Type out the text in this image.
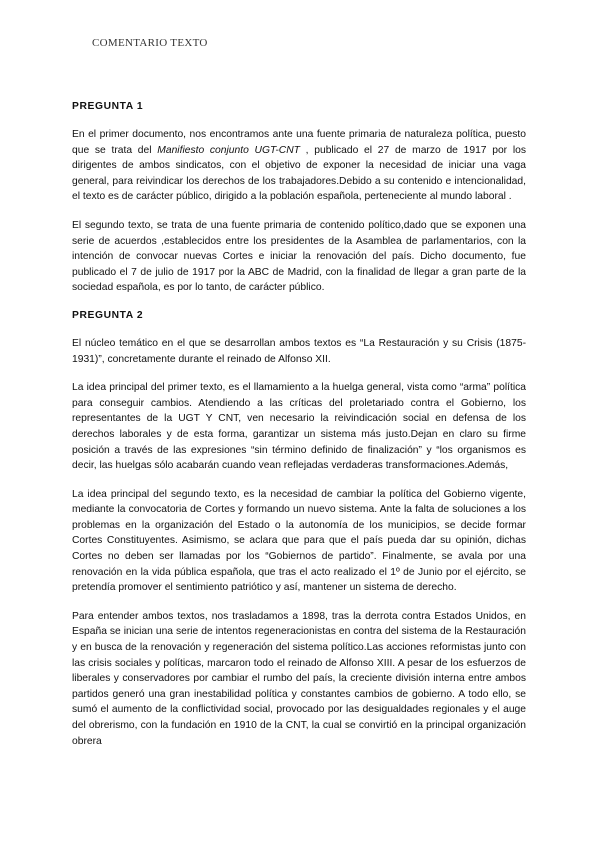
COMENTARIO TEXTO
PREGUNTA 1

En el primer documento, nos encontramos ante una fuente primaria de naturaleza política, puesto que se trata del Manifiesto conjunto UGT-CNT , publicado el 27 de marzo de 1917 por los dirigentes de ambos sindicatos, con el objetivo de exponer la necesidad de iniciar una vaga general, para reivindicar los derechos de los trabajadores.Debido a su contenido e intencionalidad, el texto es de carácter público, dirigido a la población española, perteneciente al mundo laboral .

El segundo texto, se trata de una fuente primaria de contenido político,dado que se exponen una serie de acuerdos ,establecidos entre los presidentes de la Asamblea de parlamentarios, con la intención de convocar nuevas Cortes e iniciar la renovación del país. Dicho documento, fue publicado el 7 de julio de 1917 por la ABC de Madrid, con la finalidad de llegar a gran parte de la sociedad española, es por lo tanto, de carácter público.

PREGUNTA 2

El núcleo temático en el que se desarrollan ambos textos es “La Restauración y su Crisis (1875-1931)”, concretamente durante el reinado de Alfonso XII.

La idea principal del primer texto, es el llamamiento a la huelga general, vista como “arma” política para conseguir cambios. Atendiendo a las críticas del proletariado contra el Gobierno, los representantes de la UGT Y CNT, ven necesario la reivindicación social en defensa de los derechos laborales y de esta forma, garantizar un sistema más justo.Dejan en claro su firme posición a través de las expresiones “sin término definido de finalización” y “los organismos es decir, las huelgas sólo acabarán cuando vean reflejadas verdaderas transformaciones.Además,

La idea principal del segundo texto, es la necesidad de cambiar la política del Gobierno vigente, mediante la convocatoria de Cortes y formando un nuevo sistema. Ante la falta de soluciones a los problemas en la organización del Estado o la autonomía de los municipios, se decide formar Cortes Constituyentes. Asimismo, se aclara que para que el país pueda dar su opinión, dichas Cortes no deben ser llamadas por los “Gobiernos de partido”. Finalmente, se avala por una renovación en la vida pública española, que tras el acto realizado el 1º de Junio por el ejército, se pretendía promover el sentimiento patriótico y así, mantener un sistema de derecho.

Para entender ambos textos, nos trasladamos a 1898, tras la derrota contra Estados Unidos, en España se inician una serie de intentos regeneracionistas en contra del sistema de la Restauración y en busca de la renovación y regeneración del sistema político.Las acciones reformistas junto con las crisis sociales y políticas, marcaron todo el reinado de Alfonso XIII. A pesar de los esfuerzos de liberales y conservadores por cambiar el rumbo del país, la creciente división interna entre ambos partidos generó una gran inestabilidad política y constantes cambios de gobierno. A todo ello, se sumó el aumento de la conflictividad social, provocado por las desigualdades regionales y el auge del obrerismo, con la fundación en 1910 de la CNT, la cual se convirtió en la principal organización obrera
